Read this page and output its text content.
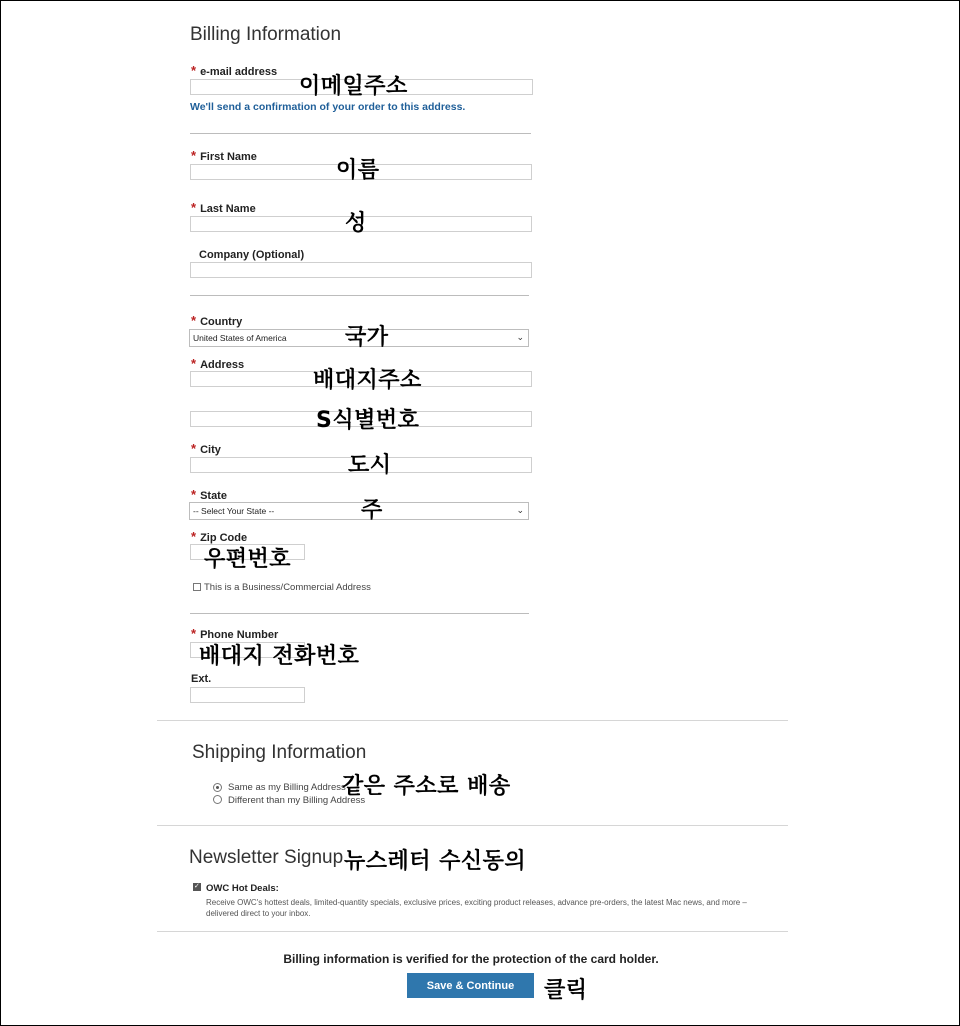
Billing Information
* e-mail address
이메일주소
We'll send a confirmation of your order to this address.
* First Name
이름
* Last Name
성
Company (Optional)
* Country
United States of America	⌄
국가
* Address
배대지주소
S식별번호
* City
도시
* State
-- Select Your State --	⌄
주
* Zip Code
우편번호
This is a Business/Commercial Address
* Phone Number
배대지 전화번호
Ext.
Shipping Information
Same as my Billing Address
Different than my Billing Address
같은 주소로 배송
Newsletter Signup 뉴스레터 수신동의
✓
OWC Hot Deals:
Receive OWC's hottest deals, limited-quantity specials, exclusive prices, exciting product releases, advance pre-orders, the latest Mac news, and more –
delivered direct to your inbox.
Billing information is verified for the protection of the card holder.
Save & Continue	클릭
